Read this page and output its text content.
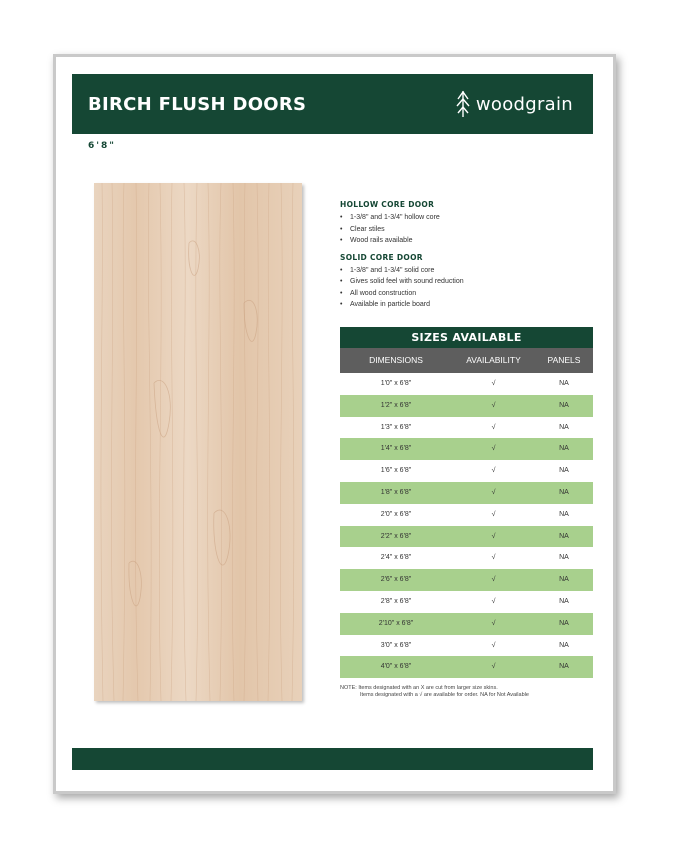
BIRCH FLUSH DOORS	woodgrain
6'8"
HOLLOW CORE DOOR
• 1-3/8" and 1-3/4" hollow core
• Clear stiles
• Wood rails available
SOLID CORE DOOR
• 1-3/8" and 1-3/4" solid core
• Gives solid feel with sound reduction
• All wood construction
• Available in particle board
SIZES AVAILABLE
DIMENSIONS	AVAILABILITY	PANELS
1'0" x 6'8"	√	NA
1'2" x 6'8"	√	NA
1'3" x 6'8"	√	NA
1'4" x 6'8"	√	NA
1'6" x 6'8"	√	NA
1'8" x 6'8"	√	NA
2'0" x 6'8"	√	NA
2'2" x 6'8"	√	NA
2'4" x 6'8"	√	NA
2'6" x 6'8"	√	NA
2'8" x 6'8"	√	NA
2'10" x 6'8"	√	NA
3'0" x 6'8"	√	NA
4'0" x 6'8"	√	NA
NOTE: Items designated with an X are cut from larger size skins.
Items designated with a √ are available for order. NA for Not Available
